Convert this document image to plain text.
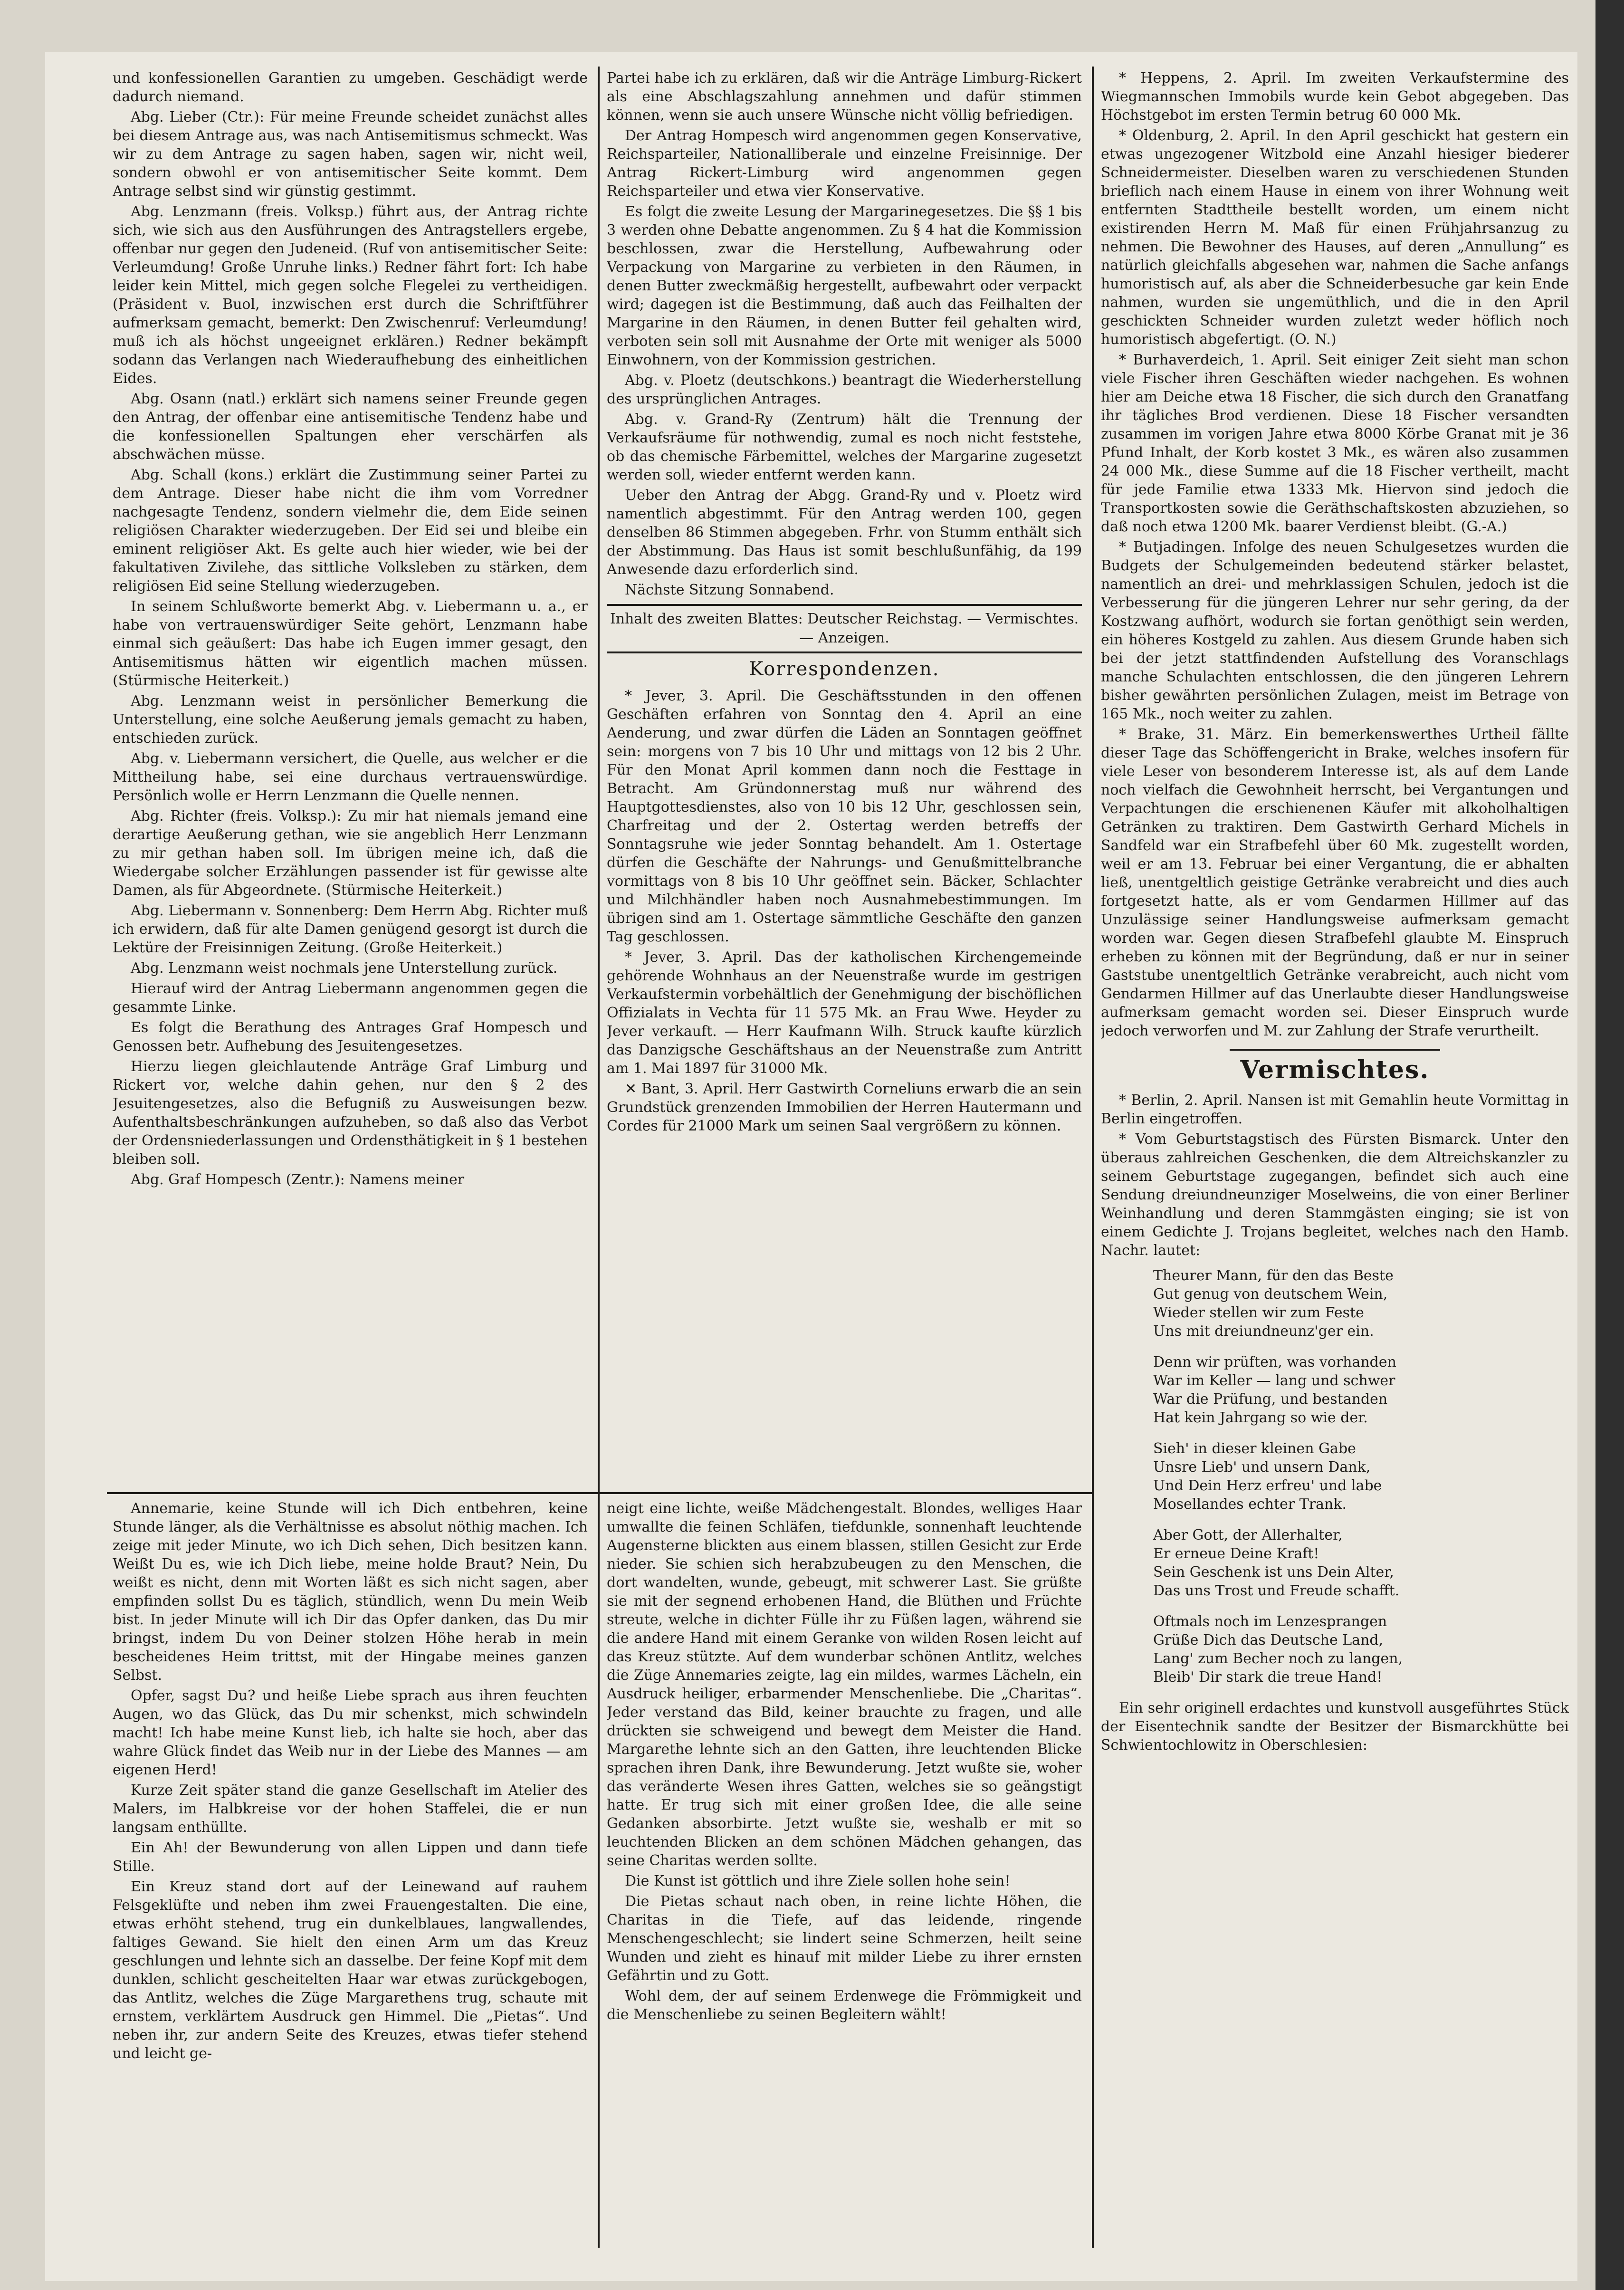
und konfessionellen Garantien zu umgeben. Geschädigt werde dadurch niemand.

Abg. Lieber (Ctr.): Für meine Freunde scheidet zunächst alles bei diesem Antrage aus, was nach Antisemitismus schmeckt. Was wir zu dem Antrage zu sagen haben, sagen wir, nicht weil, sondern obwohl er von antisemitischer Seite kommt. Dem Antrage selbst sind wir günstig gestimmt.

Abg. Lenzmann (freis. Volksp.) führt aus, der Antrag richte sich, wie sich aus den Ausführungen des Antragstellers ergebe, offenbar nur gegen den Judeneid. (Ruf von antisemitischer Seite: Verleumdung! Große Unruhe links.) Redner fährt fort: Ich habe leider kein Mittel, mich gegen solche Flegelei zu vertheidigen. (Präsident v. Buol, inzwischen erst durch die Schriftführer aufmerksam gemacht, bemerkt: Den Zwischenruf: Verleumdung! muß ich als höchst ungeeignet erklären.) Redner bekämpft sodann das Verlangen nach Wiederaufhebung des einheitlichen Eides.

Abg. Osann (natl.) erklärt sich namens seiner Freunde gegen den Antrag, der offenbar eine antisemitische Tendenz habe und die konfessionellen Spaltungen eher verschärfen als abschwächen müsse.

Abg. Schall (kons.) erklärt die Zustimmung seiner Partei zu dem Antrage. Dieser habe nicht die ihm vom Vorredner nachgesagte Tendenz, sondern vielmehr die, dem Eide seinen religiösen Charakter wiederzugeben. Der Eid sei und bleibe ein eminent religiöser Akt. Es gelte auch hier wieder, wie bei der fakultativen Zivilehe, das sittliche Volksleben zu stärken, dem religiösen Eid seine Stellung wiederzugeben.

In seinem Schlußworte bemerkt Abg. v. Liebermann u. a., er habe von vertrauenswürdiger Seite gehört, Lenzmann habe einmal sich geäußert: Das habe ich Eugen immer gesagt, den Antisemitismus hätten wir eigentlich machen müssen. (Stürmische Heiterkeit.)

Abg. Lenzmann weist in persönlicher Bemerkung die Unterstellung, eine solche Aeußerung jemals gemacht zu haben, entschieden zurück.

Abg. v. Liebermann versichert, die Quelle, aus welcher er die Mittheilung habe, sei eine durchaus vertrauenswürdige. Persönlich wolle er Herrn Lenzmann die Quelle nennen.

Abg. Richter (freis. Volksp.): Zu mir hat niemals jemand eine derartige Aeußerung gethan, wie sie angeblich Herr Lenzmann zu mir gethan haben soll. Im übrigen meine ich, daß die Wiedergabe solcher Erzählungen passender ist für gewisse alte Damen, als für Abgeordnete. (Stürmische Heiterkeit.)

Abg. Liebermann v. Sonnenberg: Dem Herrn Abg. Richter muß ich erwidern, daß für alte Damen genügend gesorgt ist durch die Lektüre der Freisinnigen Zeitung. (Große Heiterkeit.)

Abg. Lenzmann weist nochmals jene Unterstellung zurück.

Hierauf wird der Antrag Liebermann angenommen gegen die gesammte Linke.

Es folgt die Berathung des Antrages Graf Hompesch und Genossen betr. Aufhebung des Jesuitengesetzes.

Hierzu liegen gleichlautende Anträge Graf Limburg und Rickert vor, welche dahin gehen, nur den § 2 des Jesuitengesetzes, also die Befugniß zu Ausweisungen bezw. Aufenthaltsbeschränkungen aufzuheben, so daß also das Verbot der Ordensniederlassungen und Ordensthätigkeit in § 1 bestehen bleiben soll.

Abg. Graf Hompesch (Zentr.): Namens meiner

Partei habe ich zu erklären, daß wir die Anträge Limburg-Rickert als eine Abschlagszahlung annehmen und dafür stimmen können, wenn sie auch unsere Wünsche nicht völlig befriedigen.

Der Antrag Hompesch wird angenommen gegen Konservative, Reichsparteiler, Nationalliberale und einzelne Freisinnige. Der Antrag Rickert-Limburg wird angenommen gegen Reichsparteiler und etwa vier Konservative.

Es folgt die zweite Lesung der Margarinegesetzes. Die §§ 1 bis 3 werden ohne Debatte angenommen. Zu § 4 hat die Kommission beschlossen, zwar die Herstellung, Aufbewahrung oder Verpackung von Margarine zu verbieten in den Räumen, in denen Butter zweckmäßig hergestellt, aufbewahrt oder verpackt wird; dagegen ist die Bestimmung, daß auch das Feilhalten der Margarine in den Räumen, in denen Butter feil gehalten wird, verboten sein soll mit Ausnahme der Orte mit weniger als 5000 Einwohnern, von der Kommission gestrichen.

Abg. v. Ploetz (deutschkons.) beantragt die Wiederherstellung des ursprünglichen Antrages.

Abg. v. Grand-Ry (Zentrum) hält die Trennung der Verkaufsräume für nothwendig, zumal es noch nicht feststehe, ob das chemische Färbemittel, welches der Margarine zugesetzt werden soll, wieder entfernt werden kann.

Ueber den Antrag der Abgg. Grand-Ry und v. Ploetz wird namentlich abgestimmt. Für den Antrag werden 100, gegen denselben 86 Stimmen abgegeben. Frhr. von Stumm enthält sich der Abstimmung. Das Haus ist somit beschlußunfähig, da 199 Anwesende dazu erforderlich sind.

Nächste Sitzung Sonnabend.

Inhalt des zweiten Blattes: Deutscher Reichstag. — Vermischtes. — Anzeigen.
Korrespondenzen.

* Jever, 3. April. Die Geschäftsstunden in den offenen Geschäften erfahren von Sonntag den 4. April an eine Aenderung, und zwar dürfen die Läden an Sonntagen geöffnet sein: morgens von 7 bis 10 Uhr und mittags von 12 bis 2 Uhr. Für den Monat April kommen dann noch die Festtage in Betracht. Am Gründonnerstag muß nur während des Hauptgottesdienstes, also von 10 bis 12 Uhr, geschlossen sein, Charfreitag und der 2. Ostertag werden betreffs der Sonntagsruhe wie jeder Sonntag behandelt. Am 1. Ostertage dürfen die Geschäfte der Nahrungs- und Genußmittelbranche vormittags von 8 bis 10 Uhr geöffnet sein. Bäcker, Schlachter und Milchhändler haben noch Ausnahmebestimmungen. Im übrigen sind am 1. Ostertage sämmtliche Geschäfte den ganzen Tag geschlossen.

* Jever, 3. April. Das der katholischen Kirchengemeinde gehörende Wohnhaus an der Neuenstraße wurde im gestrigen Verkaufstermin vorbehältlich der Genehmigung der bischöflichen Offizialats in Vechta für 11 575 Mk. an Frau Wwe. Heyder zu Jever verkauft. — Herr Kaufmann Wilh. Struck kaufte kürzlich das Danzigsche Geschäftshaus an der Neuenstraße zum Antritt am 1. Mai 1897 für 31000 Mk.

✕ Bant, 3. April. Herr Gastwirth Corneliuns erwarb die an sein Grundstück grenzenden Immobilien der Herren Hautermann und Cordes für 21000 Mark um seinen Saal vergrößern zu können.

* Heppens, 2. April. Im zweiten Verkaufstermine des Wiegmannschen Immobils wurde kein Gebot abgegeben. Das Höchstgebot im ersten Termin betrug 60 000 Mk.

* Oldenburg, 2. April. In den April geschickt hat gestern ein etwas ungezogener Witzbold eine Anzahl hiesiger biederer Schneidermeister. Dieselben waren zu verschiedenen Stunden brieflich nach einem Hause in einem von ihrer Wohnung weit entfernten Stadttheile bestellt worden, um einem nicht existirenden Herrn M. Maß für einen Frühjahrsanzug zu nehmen. Die Bewohner des Hauses, auf deren „Annullung“ es natürlich gleichfalls abgesehen war, nahmen die Sache anfangs humoristisch auf, als aber die Schneiderbesuche gar kein Ende nahmen, wurden sie ungemüthlich, und die in den April geschickten Schneider wurden zuletzt weder höflich noch humoristisch abgefertigt. (O. N.)

* Burhaverdeich, 1. April. Seit einiger Zeit sieht man schon viele Fischer ihren Geschäften wieder nachgehen. Es wohnen hier am Deiche etwa 18 Fischer, die sich durch den Granatfang ihr tägliches Brod verdienen. Diese 18 Fischer versandten zusammen im vorigen Jahre etwa 8000 Körbe Granat mit je 36 Pfund Inhalt, der Korb kostet 3 Mk., es wären also zusammen 24 000 Mk., diese Summe auf die 18 Fischer vertheilt, macht für jede Familie etwa 1333 Mk. Hiervon sind jedoch die Transportkosten sowie die Geräthschaftskosten abzuziehen, so daß noch etwa 1200 Mk. baarer Verdienst bleibt. (G.-A.)

* Butjadingen. Infolge des neuen Schulgesetzes wurden die Budgets der Schulgemeinden bedeutend stärker belastet, namentlich an drei- und mehrklassigen Schulen, jedoch ist die Verbesserung für die jüngeren Lehrer nur sehr gering, da der Kostzwang aufhört, wodurch sie fortan genöthigt sein werden, ein höheres Kostgeld zu zahlen. Aus diesem Grunde haben sich bei der jetzt stattfindenden Aufstellung des Voranschlags manche Schulachten entschlossen, die den jüngeren Lehrern bisher gewährten persönlichen Zulagen, meist im Betrage von 165 Mk., noch weiter zu zahlen.

* Brake, 31. März. Ein bemerkenswerthes Urtheil fällte dieser Tage das Schöffengericht in Brake, welches insofern für viele Leser von besonderem Interesse ist, als auf dem Lande noch vielfach die Gewohnheit herrscht, bei Vergantungen und Verpachtungen die erschienenen Käufer mit alkoholhaltigen Getränken zu traktiren. Dem Gastwirth Gerhard Michels in Sandfeld war ein Strafbefehl über 60 Mk. zugestellt worden, weil er am 13. Februar bei einer Vergantung, die er abhalten ließ, unentgeltlich geistige Getränke verabreicht und dies auch fortgesetzt hatte, als er vom Gendarmen Hillmer auf das Unzulässige seiner Handlungsweise aufmerksam gemacht worden war. Gegen diesen Strafbefehl glaubte M. Einspruch erheben zu können mit der Begründung, daß er nur in seiner Gaststube unentgeltlich Getränke verabreicht, auch nicht vom Gendarmen Hillmer auf das Unerlaubte dieser Handlungsweise aufmerksam gemacht worden sei. Dieser Einspruch wurde jedoch verworfen und M. zur Zahlung der Strafe verurtheilt.

Vermischtes.

* Berlin, 2. April. Nansen ist mit Gemahlin heute Vormittag in Berlin eingetroffen.

* Vom Geburtstagstisch des Fürsten Bismarck. Unter den überaus zahlreichen Geschenken, die dem Altreichskanzler zu seinem Geburtstage zugegangen, befindet sich auch eine Sendung dreiundneunziger Moselweins, die von einer Berliner Weinhandlung und deren Stammgästen einging; sie ist von einem Gedichte J. Trojans begleitet, welches nach den Hamb. Nachr. lautet:

Theurer Mann, für den das Beste
Gut genug von deutschem Wein,
Wieder stellen wir zum Feste
Uns mit dreiundneunz'ger ein.
Denn wir prüften, was vorhanden
War im Keller — lang und schwer
War die Prüfung, und bestanden
Hat kein Jahrgang so wie der.
Sieh' in dieser kleinen Gabe
Unsre Lieb' und unsern Dank,
Und Dein Herz erfreu' und labe
Mosellandes echter Trank.
Aber Gott, der Allerhalter,
Er erneue Deine Kraft!
Sein Geschenk ist uns Dein Alter,
Das uns Trost und Freude schafft.
Oftmals noch im Lenzesprangen
Grüße Dich das Deutsche Land,
Lang' zum Becher noch zu langen,
Bleib' Dir stark die treue Hand!

Ein sehr originell erdachtes und kunstvoll ausgeführtes Stück der Eisentechnik sandte der Besitzer der Bismarckhütte bei Schwientochlowitz in Oberschlesien:

Annemarie, keine Stunde will ich Dich entbehren, keine Stunde länger, als die Verhältnisse es absolut nöthig machen. Ich zeige mit jeder Minute, wo ich Dich sehen, Dich besitzen kann. Weißt Du es, wie ich Dich liebe, meine holde Braut? Nein, Du weißt es nicht, denn mit Worten läßt es sich nicht sagen, aber empfinden sollst Du es täglich, stündlich, wenn Du mein Weib bist. In jeder Minute will ich Dir das Opfer danken, das Du mir bringst, indem Du von Deiner stolzen Höhe herab in mein bescheidenes Heim trittst, mit der Hingabe meines ganzen Selbst.

Opfer, sagst Du? und heiße Liebe sprach aus ihren feuchten Augen, wo das Glück, das Du mir schenkst, mich schwindeln macht! Ich habe meine Kunst lieb, ich halte sie hoch, aber das wahre Glück findet das Weib nur in der Liebe des Mannes — am eigenen Herd!

Kurze Zeit später stand die ganze Gesellschaft im Atelier des Malers, im Halbkreise vor der hohen Staffelei, die er nun langsam enthüllte.

Ein Ah! der Bewunderung von allen Lippen und dann tiefe Stille.

Ein Kreuz stand dort auf der Leinewand auf rauhem Felsgeklüfte und neben ihm zwei Frauengestalten. Die eine, etwas erhöht stehend, trug ein dunkelblaues, langwallendes, faltiges Gewand. Sie hielt den einen Arm um das Kreuz geschlungen und lehnte sich an dasselbe. Der feine Kopf mit dem dunklen, schlicht gescheitelten Haar war etwas zurückgebogen, das Antlitz, welches die Züge Margarethens trug, schaute mit ernstem, verklärtem Ausdruck gen Himmel. Die „Pietas“. Und neben ihr, zur andern Seite des Kreuzes, etwas tiefer stehend und leicht ge-

neigt eine lichte, weiße Mädchengestalt. Blondes, welliges Haar umwallte die feinen Schläfen, tiefdunkle, sonnenhaft leuchtende Augensterne blickten aus einem blassen, stillen Gesicht zur Erde nieder. Sie schien sich herabzubeugen zu den Menschen, die dort wandelten, wunde, gebeugt, mit schwerer Last. Sie grüßte sie mit der segnend erhobenen Hand, die Blüthen und Früchte streute, welche in dichter Fülle ihr zu Füßen lagen, während sie die andere Hand mit einem Geranke von wilden Rosen leicht auf das Kreuz stützte. Auf dem wunderbar schönen Antlitz, welches die Züge Annemaries zeigte, lag ein mildes, warmes Lächeln, ein Ausdruck heiliger, erbarmender Menschenliebe. Die „Charitas“. Jeder verstand das Bild, keiner brauchte zu fragen, und alle drückten sie schweigend und bewegt dem Meister die Hand. Margarethe lehnte sich an den Gatten, ihre leuchtenden Blicke sprachen ihren Dank, ihre Bewunderung. Jetzt wußte sie, woher das veränderte Wesen ihres Gatten, welches sie so geängstigt hatte. Er trug sich mit einer großen Idee, die alle seine Gedanken absorbirte. Jetzt wußte sie, weshalb er mit so leuchtenden Blicken an dem schönen Mädchen gehangen, das seine Charitas werden sollte.

Die Kunst ist göttlich und ihre Ziele sollen hohe sein!

Die Pietas schaut nach oben, in reine lichte Höhen, die Charitas in die Tiefe, auf das leidende, ringende Menschengeschlecht; sie lindert seine Schmerzen, heilt seine Wunden und zieht es hinauf mit milder Liebe zu ihrer ernsten Gefährtin und zu Gott.

Wohl dem, der auf seinem Erdenwege die Frömmigkeit und die Menschenliebe zu seinen Begleitern wählt!
